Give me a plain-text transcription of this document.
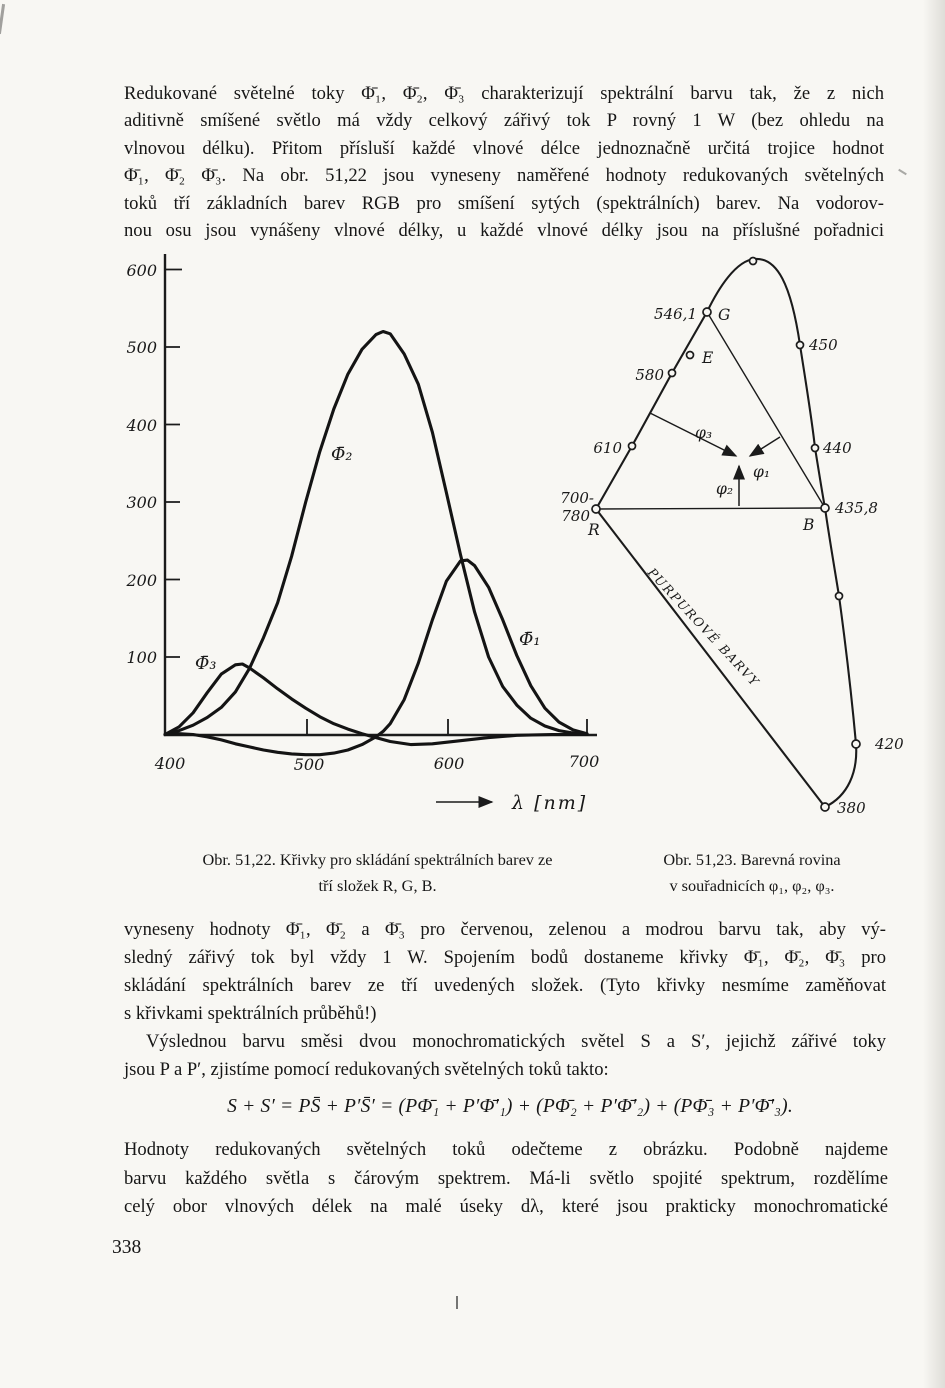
Redukované světelné toky Φ̄₁, Φ̄₂, Φ̄₃ charakterizují spektrální barvu tak, že z nich
aditivně smíšené světlo má vždy celkový zářivý tok P rovný 1 W (bez ohledu na
vlnovou délku). Přitom přísluší každé vlnové délce jednoznačně určitá trojice hodnot
Φ̄₁, Φ̄₂ Φ̄₃. Na obr. 51,22 jsou vyneseny naměřené hodnoty redukovaných světelných
toků tří základních barev RGB pro smíšení sytých (spektrálních) barev. Na vodorov-
nou osu jsou vynášeny vlnové délky, u každé vlnové délky jsou na příslušné pořadnici
600
500
400
300
200
100
400	500	600	700
λ [nm]
Φ̄₂
Φ̄₁
Φ̄₃
546,1 G
E
580
610
700-
780
R
450
440
435,8
B
420
380
φ₃
φ₁
φ₂
PURPUROVÉ BARVY
Obr. 51,22. Křivky pro skládání spektrálních barev ze
tří složek R, G, B.
Obr. 51,23. Barevná rovina
v souřadnicích φ₁, φ₂, φ₃.
vyneseny hodnoty Φ̄₁, Φ̄₂ a Φ̄₃ pro červenou, zelenou a modrou barvu tak, aby vý-
sledný zářivý tok byl vždy 1 W. Spojením bodů dostaneme křivky Φ̄₁, Φ̄₂, Φ̄₃ pro
skládání spektrálních barev ze tří uvedených složek. (Tyto křivky nesmíme zaměňovat
s křivkami spektrálních průběhů!)
Výslednou barvu směsi dvou monochromatických světel S a S′, jejichž zářivé toky
jsou P a P′, zjistíme pomocí redukovaných světelných toků takto:
S + S′ = PS̄ + P′S̄′ = (PΦ̄₁ + P′Φ̄′₁) + (PΦ̄₂ + P′Φ̄′₂) + (PΦ̄₃ + P′Φ̄′₃).
Hodnoty redukovaných světelných toků odečteme z obrázku. Podobně najdeme
barvu každého světla s čárovým spektrem. Má-li světlo spojité spektrum, rozdělíme
celý obor vlnových délek na malé úseky dλ, které jsou prakticky monochromatické
338
